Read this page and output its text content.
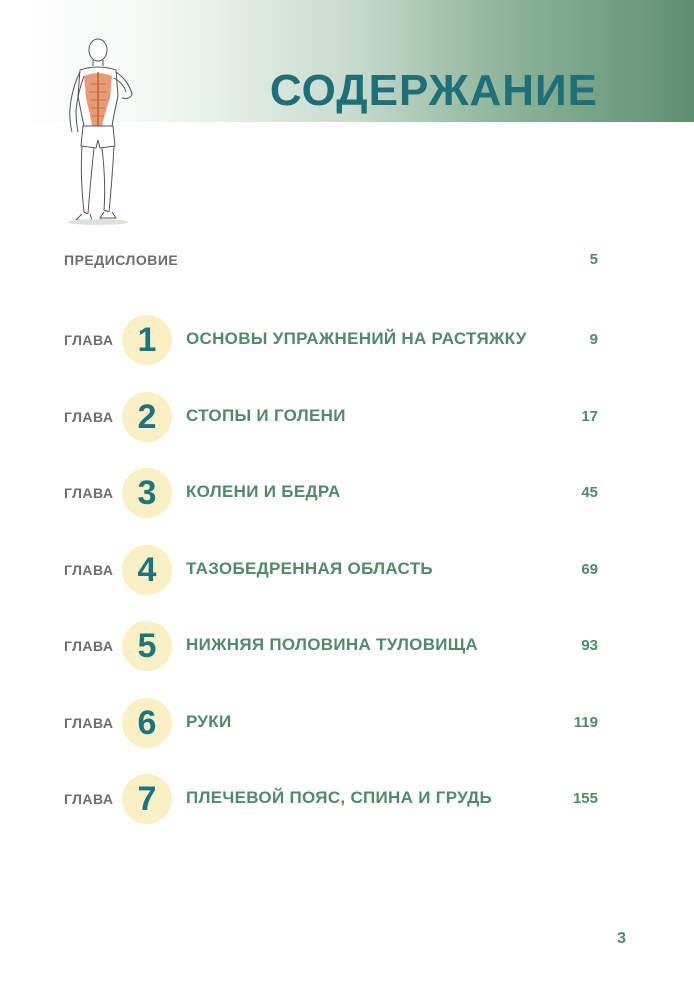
СОДЕРЖАНИЕ
ПРЕДИСЛОВИЕ	5
ГЛАВА 1	ОСНОВЫ УПРАЖНЕНИЙ НА РАСТЯЖКУ	9
ГЛАВА 2	СТОПЫ И ГОЛЕНИ	17
ГЛАВА 3	КОЛЕНИ И БЕДРА	45
ГЛАВА 4	ТАЗОБЕДРЕННАЯ ОБЛАСТЬ	69
ГЛАВА 5	НИЖНЯЯ ПОЛОВИНА ТУЛОВИЩА	93
ГЛАВА 6	РУКИ	119
ГЛАВА 7	ПЛЕЧЕВОЙ ПОЯС, СПИНА И ГРУДЬ	155
3
